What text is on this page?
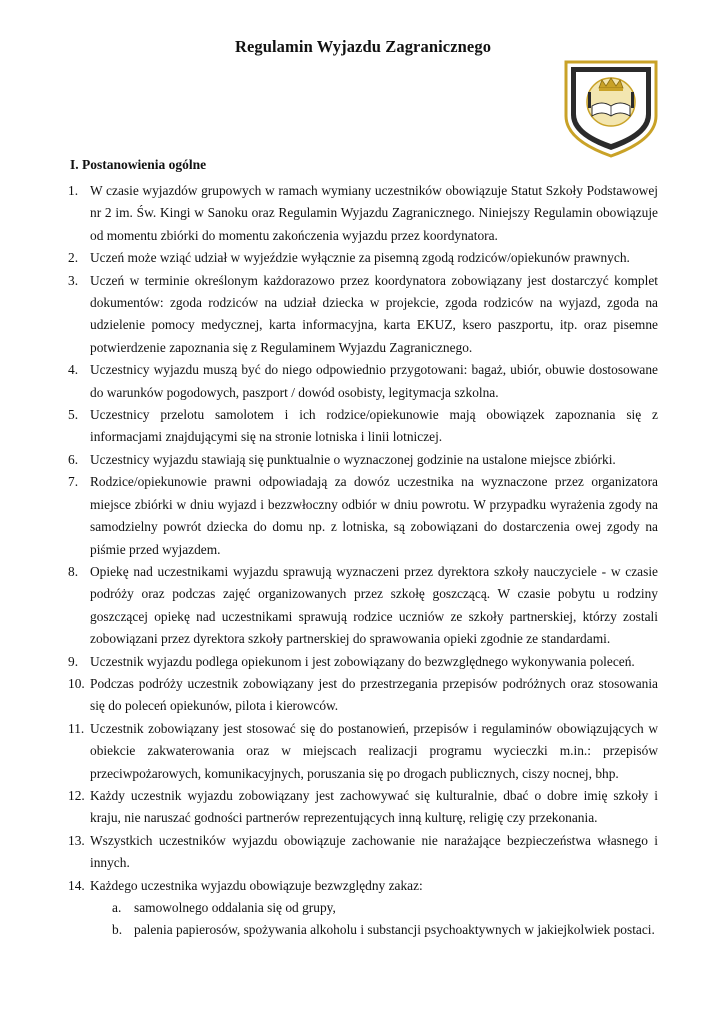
Regulamin Wyjazdu Zagranicznego
I. Postanowienia ogólne
1. W czasie wyjazdów grupowych w ramach wymiany uczestników obowiązuje Statut Szkoły Podstawowej nr 2 im. Św. Kingi w Sanoku oraz Regulamin Wyjazdu Zagranicznego. Niniejszy Regulamin obowiązuje od momentu zbiórki do momentu zakończenia wyjazdu przez koordynatora.
2. Uczeń może wziąć udział w wyjeździe wyłącznie za pisemną zgodą rodziców/opiekunów prawnych.
3. Uczeń w terminie określonym każdorazowo przez koordynatora zobowiązany jest dostarczyć komplet dokumentów: zgoda rodziców na udział dziecka w projekcie, zgoda rodziców na wyjazd, zgoda na udzielenie pomocy medycznej, karta informacyjna, karta EKUZ, ksero paszportu, itp. oraz pisemne potwierdzenie zapoznania się z Regulaminem Wyjazdu Zagranicznego.
4. Uczestnicy wyjazdu muszą być do niego odpowiednio przygotowani: bagaż, ubiór, obuwie dostosowane do warunków pogodowych, paszport / dowód osobisty, legitymacja szkolna.
5. Uczestnicy przelotu samolotem i ich rodzice/opiekunowie mają obowiązek zapoznania się z informacjami znajdującymi się na stronie lotniska i linii lotniczej.
6. Uczestnicy wyjazdu stawiają się punktualnie o wyznaczonej godzinie na ustalone miejsce zbiórki.
7. Rodzice/opiekunowie prawni odpowiadają za dowóz uczestnika na wyznaczone przez organizatora miejsce zbiórki w dniu wyjazd i bezzwłoczny odbiór w dniu powrotu. W przypadku wyrażenia zgody na samodzielny powrót dziecka do domu np. z lotniska, są zobowiązani do dostarczenia owej zgody na piśmie przed wyjazdem.
8. Opiekę nad uczestnikami wyjazdu sprawują wyznaczeni przez dyrektora szkoły nauczyciele - w czasie podróży oraz podczas zajęć organizowanych przez szkołę goszczącą. W czasie pobytu u rodziny goszczącej opiekę nad uczestnikami sprawują rodzice uczniów ze szkoły partnerskiej, którzy zostali zobowiązani przez dyrektora szkoły partnerskiej do sprawowania opieki zgodnie ze standardami.
9. Uczestnik wyjazdu podlega opiekunom i jest zobowiązany do bezwzględnego wykonywania poleceń.
10. Podczas podróży uczestnik zobowiązany jest do przestrzegania przepisów podróżnych oraz stosowania się do poleceń opiekunów, pilota i kierowców.
11. Uczestnik zobowiązany jest stosować się do postanowień, przepisów i regulaminów obowiązujących w obiekcie zakwaterowania oraz w miejscach realizacji programu wycieczki m.in.: przepisów przeciwpożarowych, komunikacyjnych, poruszania się po drogach publicznych, ciszy nocnej, bhp.
12. Każdy uczestnik wyjazdu zobowiązany jest zachowywać się kulturalnie, dbać o dobre imię szkoły i kraju, nie naruszać godności partnerów reprezentujących inną kulturę, religię czy przekonania.
13. Wszystkich uczestników wyjazdu obowiązuje zachowanie nie narażające bezpieczeństwa własnego i innych.
14. Każdego uczestnika wyjazdu obowiązuje bezwzględny zakaz:
a. samowolnego oddalania się od grupy,
b. palenia papierosów, spożywania alkoholu i substancji psychoaktywnych w jakiejkolwiek postaci.
